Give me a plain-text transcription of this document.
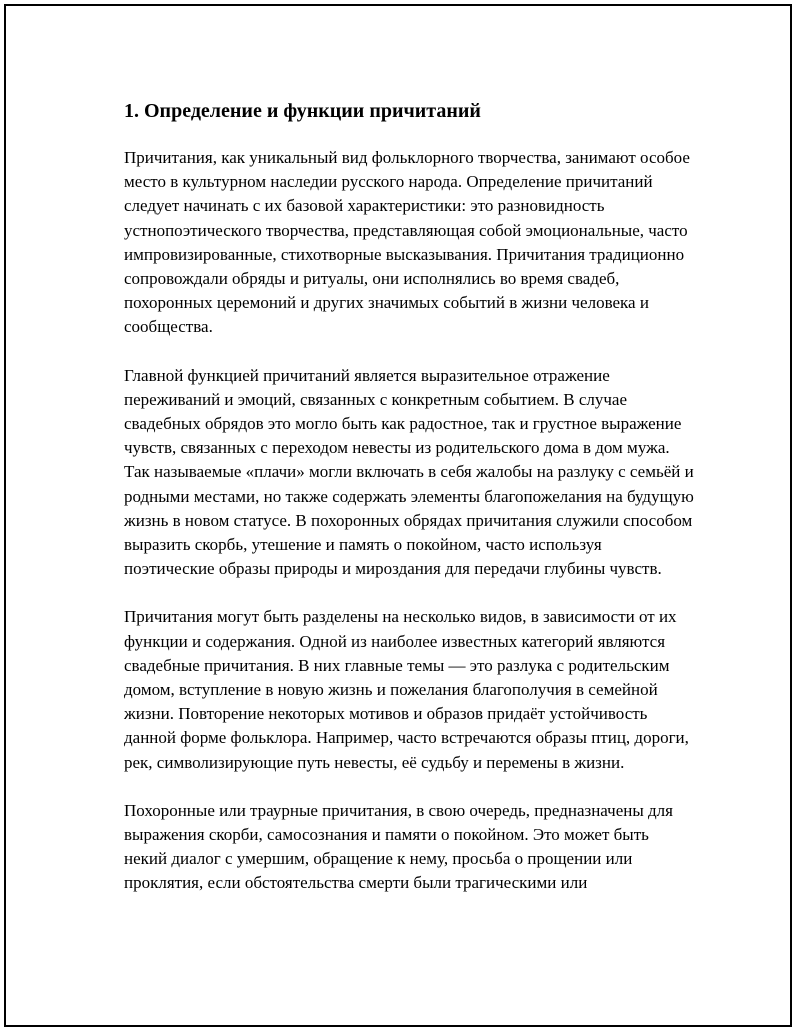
1. Определение и функции причитаний

Причитания, как уникальный вид фольклорного творчества, занимают особое место в культурном наследии русского народа. Определение причитаний следует начинать с их базовой характеристики: это разновидность устнопоэтического творчества, представляющая собой эмоциональные, часто импровизированные, стихотворные высказывания. Причитания традиционно сопровождали обряды и ритуалы, они исполнялись во время свадеб, похоронных церемоний и других значимых событий в жизни человека и сообщества.

Главной функцией причитаний является выразительное отражение переживаний и эмоций, связанных с конкретным событием. В случае свадебных обрядов это могло быть как радостное, так и грустное выражение чувств, связанных с переходом невесты из родительского дома в дом мужа. Так называемые «плачи» могли включать в себя жалобы на разлуку с семьёй и родными местами, но также содержать элементы благопожелания на будущую жизнь в новом статусе. В похоронных обрядах причитания служили способом выразить скорбь, утешение и память о покойном, часто используя поэтические образы природы и мироздания для передачи глубины чувств.

Причитания могут быть разделены на несколько видов, в зависимости от их функции и содержания. Одной из наиболее известных категорий являются свадебные причитания. В них главные темы — это разлука с родительским домом, вступление в новую жизнь и пожелания благополучия в семейной жизни. Повторение некоторых мотивов и образов придаёт устойчивость данной форме фольклора. Например, часто встречаются образы птиц, дороги, рек, символизирующие путь невесты, её судьбу и перемены в жизни.

Похоронные или траурные причитания, в свою очередь, предназначены для выражения скорби, самосознания и памяти о покойном. Это может быть некий диалог с умершим, обращение к нему, просьба о прощении или проклятия, если обстоятельства смерти были трагическими или
